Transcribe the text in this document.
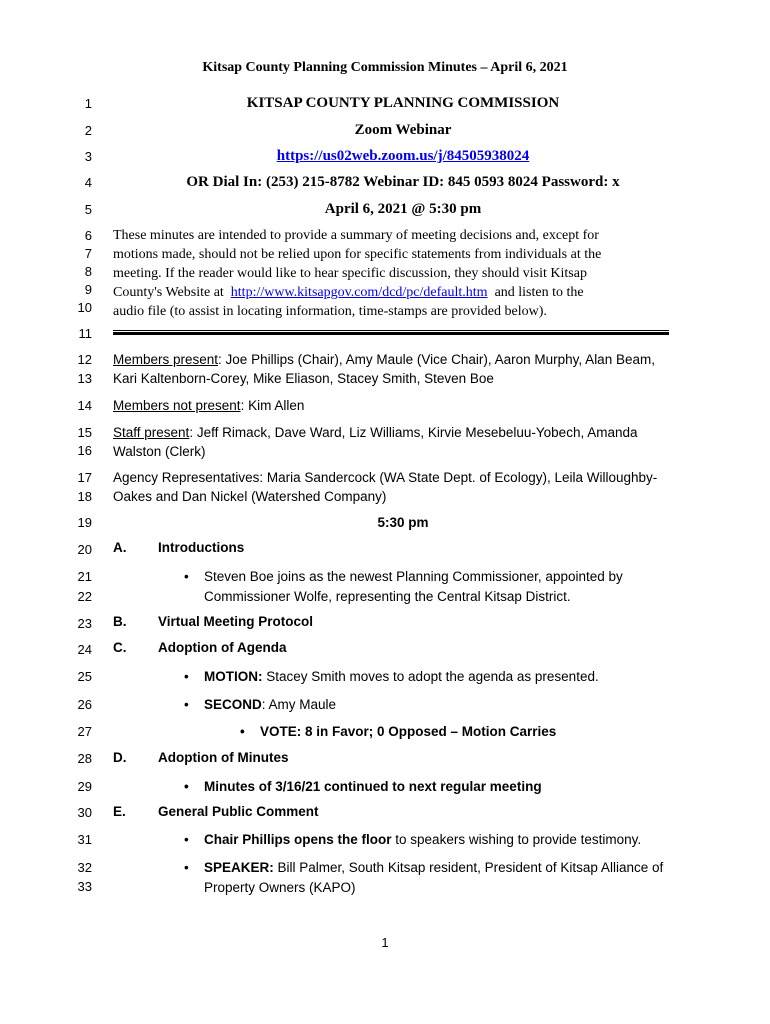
Kitsap County Planning Commission Minutes – April 6, 2021
1
2
3
4
5
6
7
8
9
10
11
12
13
14
15
16
17
18
19
20
21
22
23
24
25
26
27
28
29
30
31
32
33
KITSAP COUNTY PLANNING COMMISSION
Zoom Webinar
https://us02web.zoom.us/j/84505938024
OR Dial In: (253) 215-8782 Webinar ID: 845 0593 8024 Password: x
April 6, 2021 @ 5:30 pm
These minutes are intended to provide a summary of meeting decisions and, except for
motions made, should not be relied upon for specific statements from individuals at the
meeting. If the reader would like to hear specific discussion, they should visit Kitsap
County's Website at  http://www.kitsapgov.com/dcd/pc/default.htm  and listen to the
audio file (to assist in locating information, time-stamps are provided below).
Members present: Joe Phillips (Chair), Amy Maule (Vice Chair), Aaron Murphy, Alan Beam,
Kari Kaltenborn-Corey, Mike Eliason, Stacey Smith, Steven Boe
Members not present: Kim Allen
Staff present: Jeff Rimack, Dave Ward, Liz Williams, Kirvie Mesebeluu-Yobech, Amanda
Walston (Clerk)
Agency Representatives: Maria Sandercock (WA State Dept. of Ecology), Leila Willoughby-
Oakes and Dan Nickel (Watershed Company)
5:30 pm
A. Introductions
• Steven Boe joins as the newest Planning Commissioner, appointed by
Commissioner Wolfe, representing the Central Kitsap District.
B. Virtual Meeting Protocol
C. Adoption of Agenda
• MOTION: Stacey Smith moves to adopt the agenda as presented.
• SECOND: Amy Maule
• VOTE: 8 in Favor; 0 Opposed – Motion Carries
D. Adoption of Minutes
• Minutes of 3/16/21 continued to next regular meeting
E. General Public Comment
• Chair Phillips opens the floor to speakers wishing to provide testimony.
• SPEAKER: Bill Palmer, South Kitsap resident, President of Kitsap Alliance of
Property Owners (KAPO)
1
